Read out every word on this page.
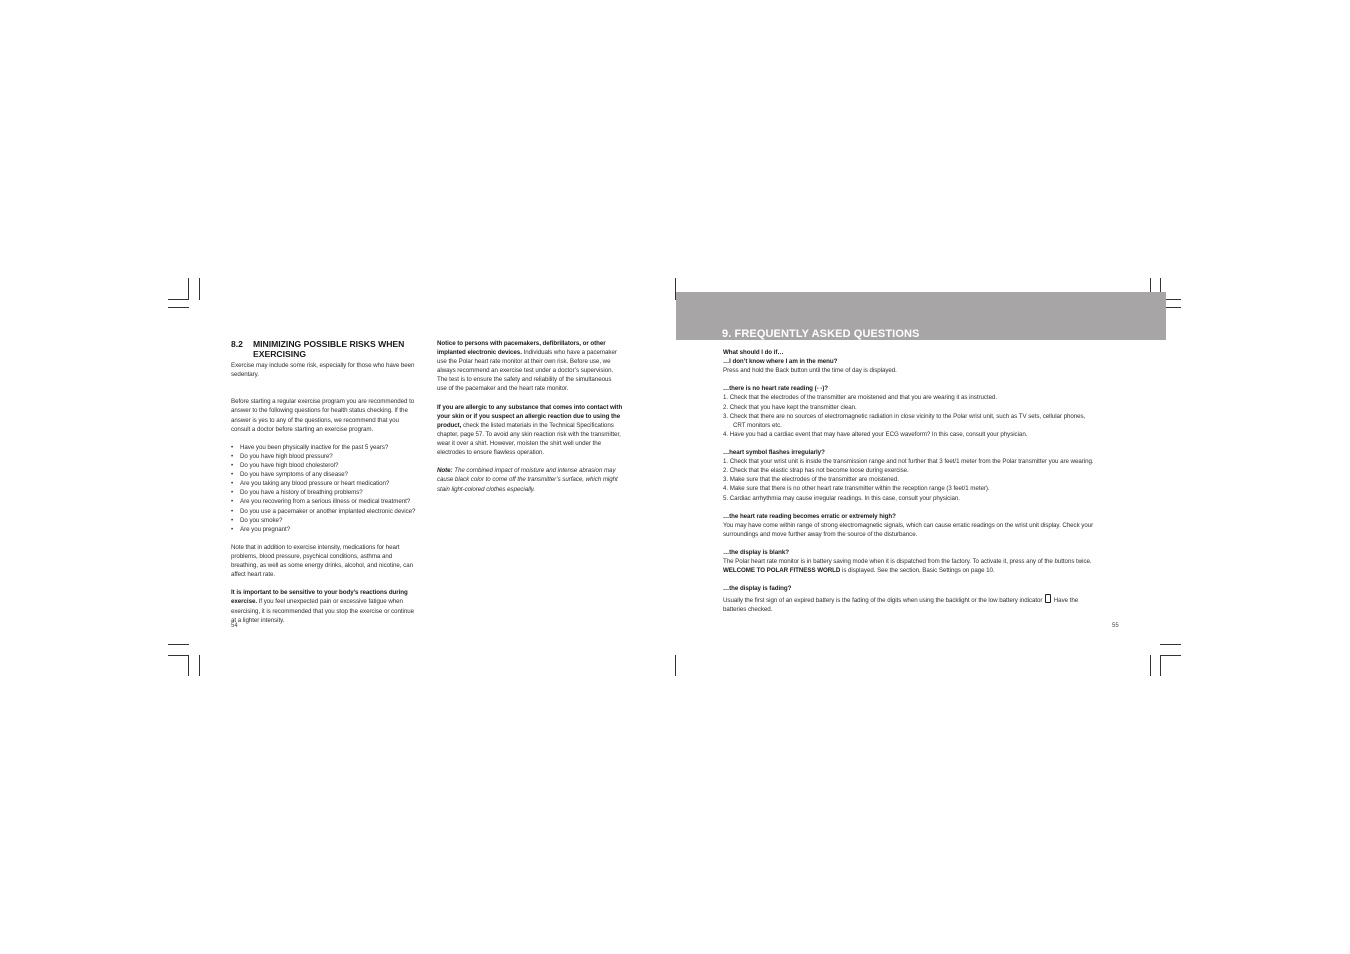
8.2 MINIMIZING POSSIBLE RISKS WHEN
EXERCISING

Exercise may include some risk, especially for those who have been

sedentary.

Before starting a regular exercise program you are recommended to

answer to the following questions for health status checking. If the

answer is yes to any of the questions, we recommend that you

consult a doctor before starting an exercise program.

• Have you been physically inactive for the past 5 years?
• Do you have high blood pressure?
• Do you have high blood cholesterol?
• Do you have symptoms of any disease?
• Are you taking any blood pressure or heart medication?
• Do you have a history of breathing problems?
• Are you recovering from a serious illness or medical treatment?
• Do you use a pacemaker or another implanted electronic device?
• Do you smoke?
• Are you pregnant?

Note that in addition to exercise intensity, medications for heart

problems, blood pressure, psychical conditions, asthma and

breathing, as well as some energy drinks, alcohol, and nicotine, can

affect heart rate.

It is important to be sensitive to your body’s reactions during

exercise. If you feel unexpected pain or excessive fatigue when

exercising, it is recommended that you stop the exercise or continue

at a lighter intensity.

Notice to persons with pacemakers, defibrillators, or other

implanted electronic devices. Individuals who have a pacemaker

use the Polar heart rate monitor at their own risk. Before use, we

always recommend an exercise test under a doctor’s supervision.

The test is to ensure the safety and reliability of the simultaneous

use of the pacemaker and the heart rate monitor.

If you are allergic to any substance that comes into contact with

your skin or if you suspect an allergic reaction due to using the

product, check the listed materials in the Technical Specifications

chapter, page 57. To avoid any skin reaction risk with the transmitter,

wear it over a shirt. However, moisten the shirt well under the

electrodes to ensure flawless operation.

Note: The combined impact of moisture and intense abrasion may

cause black color to come off the transmitter’s surface, which might

stain light-colored clothes especially.

54
9. FREQUENTLY ASKED QUESTIONS

What should I do if…

…I don’t know where I am in the menu?

Press and hold the Back button until the time of day is displayed.

…there is no heart rate reading (- -)?

1. Check that the electrodes of the transmitter are moistened and that you are wearing it as instructed.

2. Check that you have kept the transmitter clean.

3. Check that there are no sources of electromagnetic radiation in close vicinity to the Polar wrist unit, such as TV sets, cellular phones,

CRT monitors etc.

4. Have you had a cardiac event that may have altered your ECG waveform? In this case, consult your physician.

…heart symbol flashes irregularly?

1. Check that your wrist unit is inside the transmission range and not further that 3 feet/1 meter from the Polar transmitter you are wearing.

2. Check that the elastic strap has not become loose during exercise.

3. Make sure that the electrodes of the transmitter are moistened.

4. Make sure that there is no other heart rate transmitter within the reception range (3 feet/1 meter).

5. Cardiac arrhythmia may cause irregular readings. In this case, consult your physician.

…the heart rate reading becomes erratic or extremely high?

You may have come within range of strong electromagnetic signals, which can cause erratic readings on the wrist unit display. Check your

surroundings and move further away from the source of the disturbance.

…the display is blank?

The Polar heart rate monitor is in battery saving mode when it is dispatched from the factory. To activate it, press any of the buttons twice.

WELCOME TO POLAR FITNESS WORLD is displayed. See the section, Basic Settings on page 10.

…the display is fading?

Usually the first sign of an expired battery is the fading of the digits when using the backlight or the low battery indicator  Have the

batteries checked.

55
